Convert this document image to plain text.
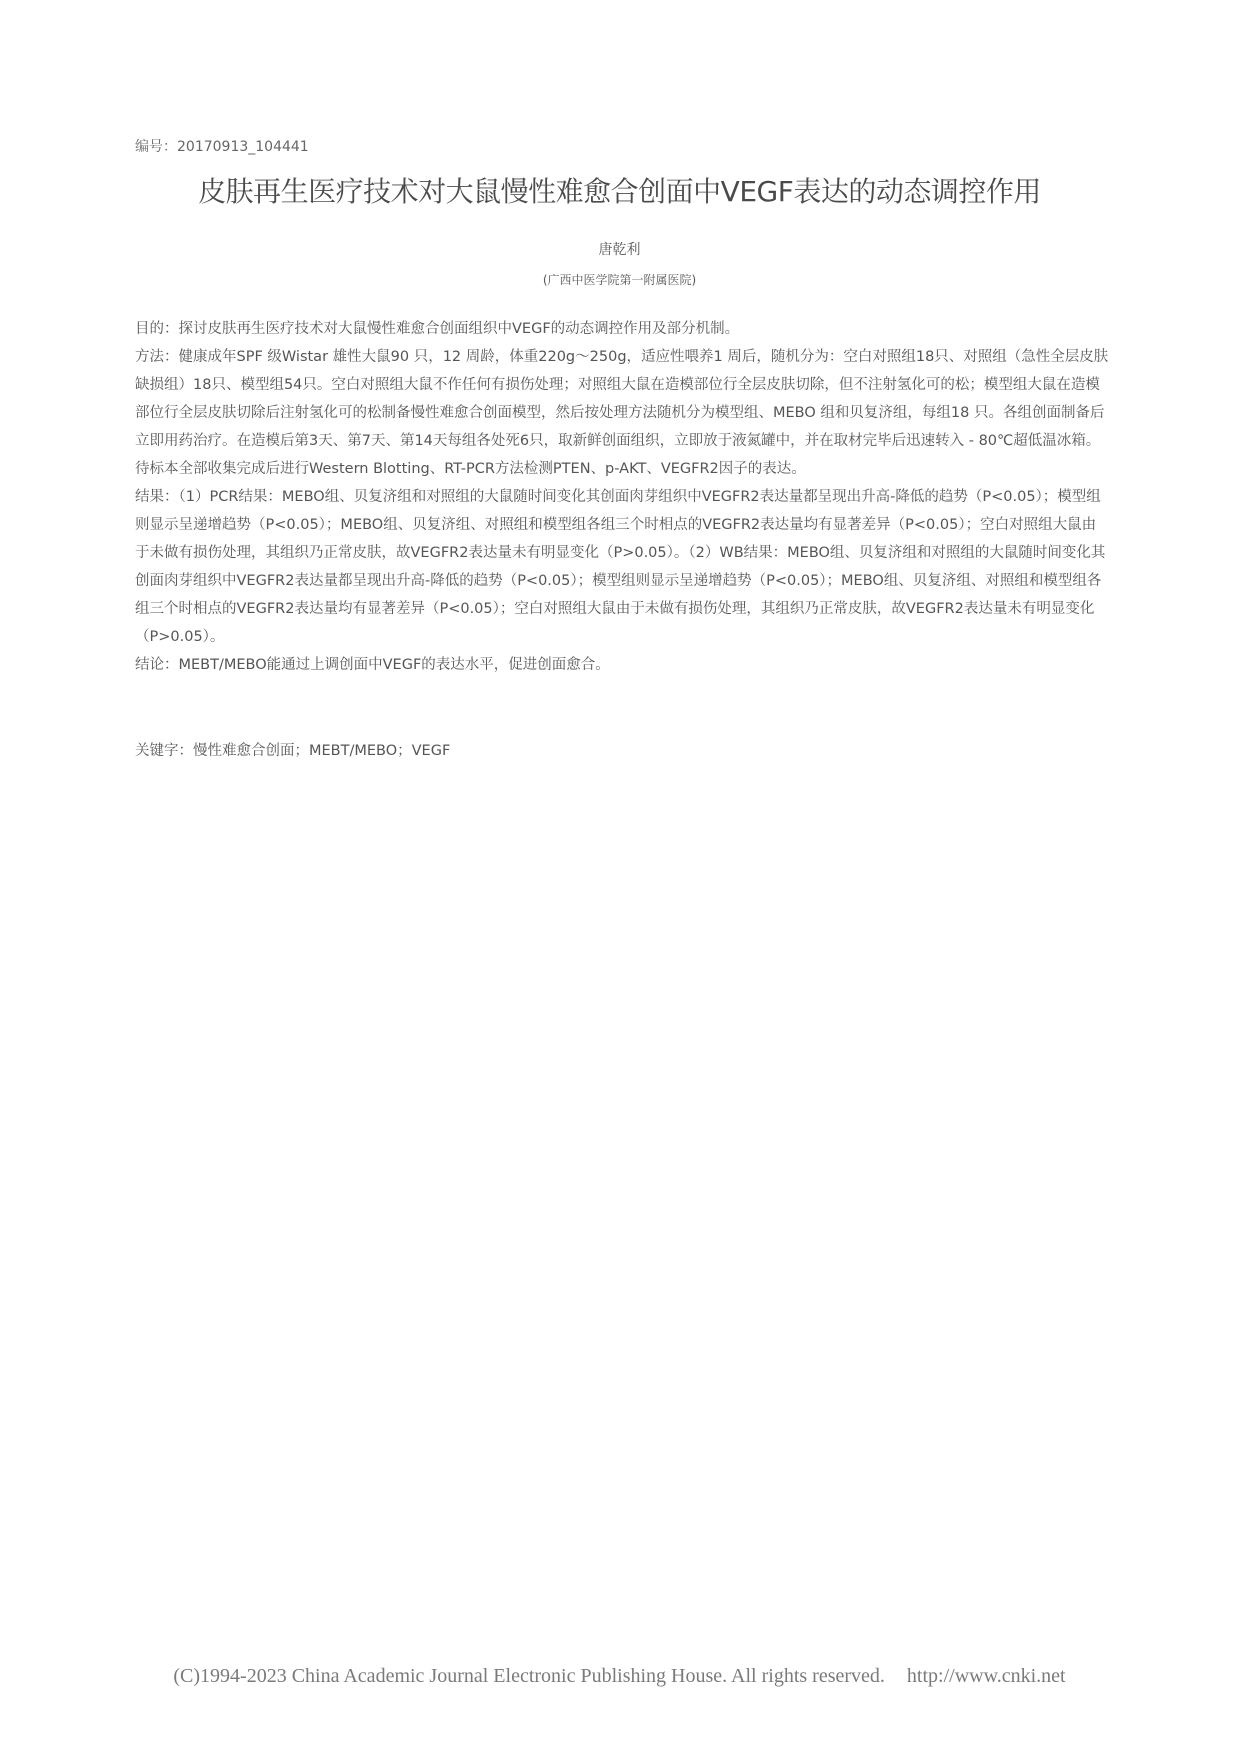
编号：20170913_104441
皮肤再生医疗技术对大鼠慢性难愈合创面中VEGF表达的动态调控作用
唐乾利
(广西中医学院第一附属医院)

目的：探讨皮肤再生医疗技术对大鼠慢性难愈合创面组织中VEGF的动态调控作用及部分机制。

方法：健康成年SPF 级Wistar 雄性大鼠90 只，12 周龄，体重220g～250g，适应性喂养1 周后，随机分为：空白对照组18只、对照组（急性全层皮肤缺损组）18只、模型组54只。空白对照组大鼠不作任何有损伤处理；对照组大鼠在造模部位行全层皮肤切除，但不注射氢化可的松；模型组大鼠在造模部位行全层皮肤切除后注射氢化可的松制备慢性难愈合创面模型，然后按处理方法随机分为模型组、MEBO 组和贝复济组，每组18 只。各组创面制备后立即用药治疗。在造模后第3天、第7天、第14天每组各处死6只，取新鲜创面组织，立即放于液氮罐中，并在取材完毕后迅速转入 - 80℃超低温冰箱。待标本全部收集完成后进行Western Blotting、RT-PCR方法检测PTEN、p-AKT、VEGFR2因子的表达。

结果：（1）PCR结果：MEBO组、贝复济组和对照组的大鼠随时间变化其创面肉芽组织中VEGFR2表达量都呈现出升高-降低的趋势（P<0.05）；模型组则显示呈递增趋势（P<0.05）；MEBO组、贝复济组、对照组和模型组各组三个时相点的VEGFR2表达量均有显著差异（P<0.05）；空白对照组大鼠由于未做有损伤处理，其组织乃正常皮肤，故VEGFR2表达量未有明显变化（P>0.05）。（2）WB结果：MEBO组、贝复济组和对照组的大鼠随时间变化其创面肉芽组织中VEGFR2表达量都呈现出升高-降低的趋势（P<0.05）；模型组则显示呈递增趋势（P<0.05）；MEBO组、贝复济组、对照组和模型组各组三个时相点的VEGFR2表达量均有显著差异（P<0.05）；空白对照组大鼠由于未做有损伤处理，其组织乃正常皮肤，故VEGFR2表达量未有明显变化（P>0.05）。

结论：MEBT/MEBO能通过上调创面中VEGF的表达水平，促进创面愈合。

关键字：慢性难愈合创面；MEBT/MEBO；VEGF
(C)1994-2023 China Academic Journal Electronic Publishing House. All rights reserved. http://www.cnki.net
